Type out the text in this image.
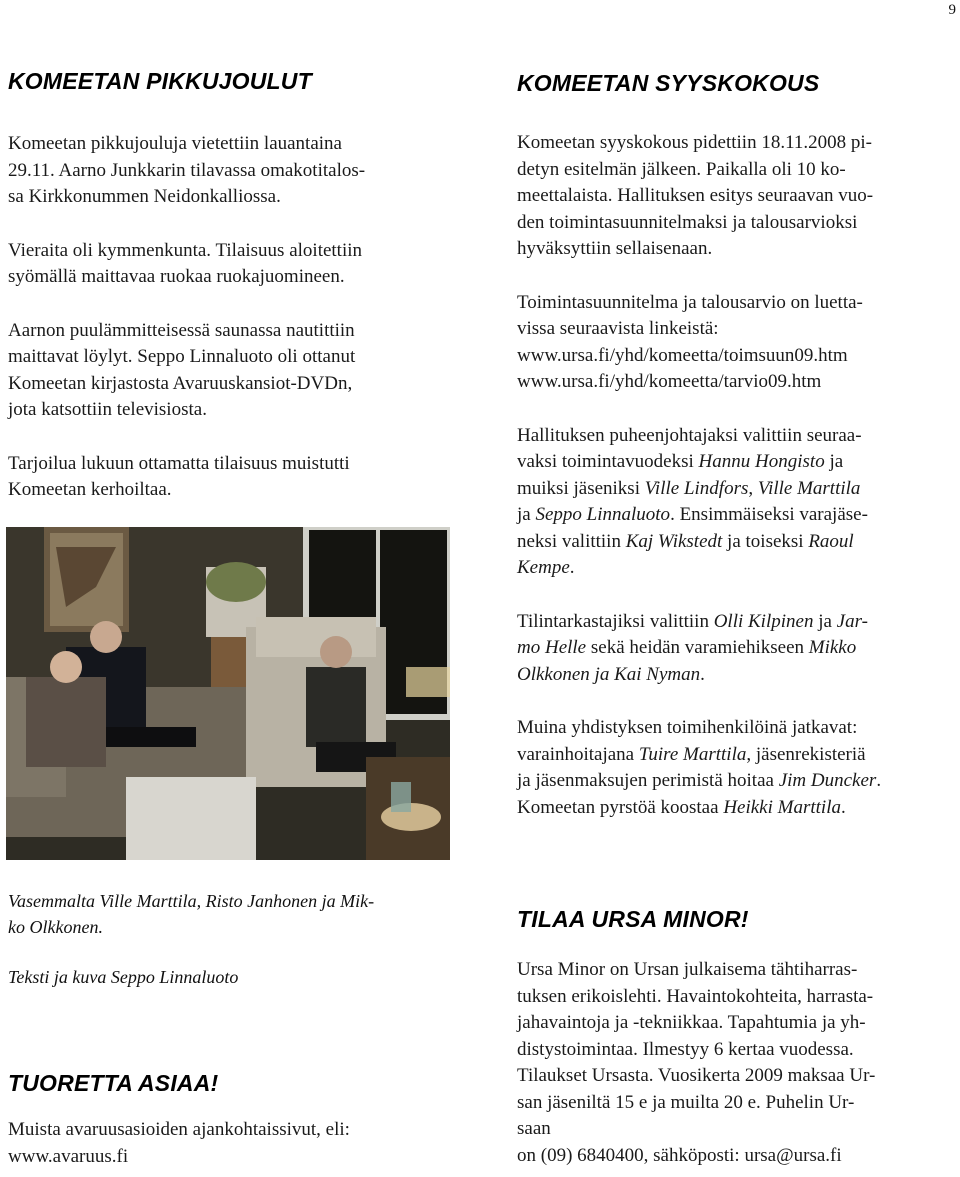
9
KOMEETAN PIKKUJOULUT

Komeetan pikkujouluja vietettiin lauantaina
29.11. Aarno Junkkarin tilavassa omakotitalos-
sa Kirkkonummen Neidonkalliossa.

Vieraita oli kymmenkunta. Tilaisuus aloitettiin
syömällä maittavaa ruokaa ruokajuomineen.

Aarnon puulämmitteisessä saunassa nautittiin
maittavat löylyt. Seppo Linnaluoto oli ottanut
Komeetan kirjastosta Avaruuskansiot-DVDn,
jota katsottiin televisiosta.

Tarjoilua lukuun ottamatta tilaisuus muistutti
Komeetan kerhoiltaa.

Vasemmalta Ville Marttila, Risto Janhonen ja Mik-
ko Olkkonen.

Teksti ja kuva Seppo Linnaluoto

TUORETTA ASIAA!

Muista avaruusasioiden ajankohtaissivut, eli:
www.avaruus.fi

KOMEETAN SYYSKOKOUS

Komeetan syyskokous pidettiin 18.11.2008 pi-
detyn esitelmän jälkeen. Paikalla oli 10 ko-
meettalaista. Hallituksen esitys seuraavan vuo-
den toimintasuunnitelmaksi ja talousarvioksi
hyväksyttiin sellaisenaan.

Toimintasuunnitelma ja talousarvio on luetta-
vissa seuraavista linkeistä:
www.ursa.fi/yhd/komeetta/toimsuun09.htm
www.ursa.fi/yhd/komeetta/tarvio09.htm

Hallituksen puheenjohtajaksi valittiin seuraa-
vaksi toimintavuodeksi Hannu Hongisto ja
muiksi jäseniksi Ville Lindfors, Ville Marttila
ja Seppo Linnaluoto. Ensimmäiseksi varajäse-
neksi valittiin Kaj Wikstedt ja toiseksi Raoul
Kempe.

Tilintarkastajiksi valittiin Olli Kilpinen ja Jar-
mo Helle sekä heidän varamiehikseen Mikko
Olkkonen ja Kai Nyman.

Muina yhdistyksen toimihenkilöinä jatkavat:
varainhoitajana Tuire Marttila, jäsenrekisteriä
ja jäsenmaksujen perimistä hoitaa Jim Duncker.
Komeetan pyrstöä koostaa Heikki Marttila.

TILAA URSA MINOR!

Ursa Minor on Ursan julkaisema tähtiharras-
tuksen erikoislehti. Havaintokohteita, harrasta-
jahavaintoja ja -tekniikkaa. Tapahtumia ja yh-
distystoimintaa. Ilmestyy 6 kertaa vuodessa.
Tilaukset Ursasta. Vuosikerta 2009 maksaa Ur-
san jäseniltä 15 e ja muilta 20 e. Puhelin Ur-
saan
on (09) 6840400, sähköposti: ursa@ursa.fi
